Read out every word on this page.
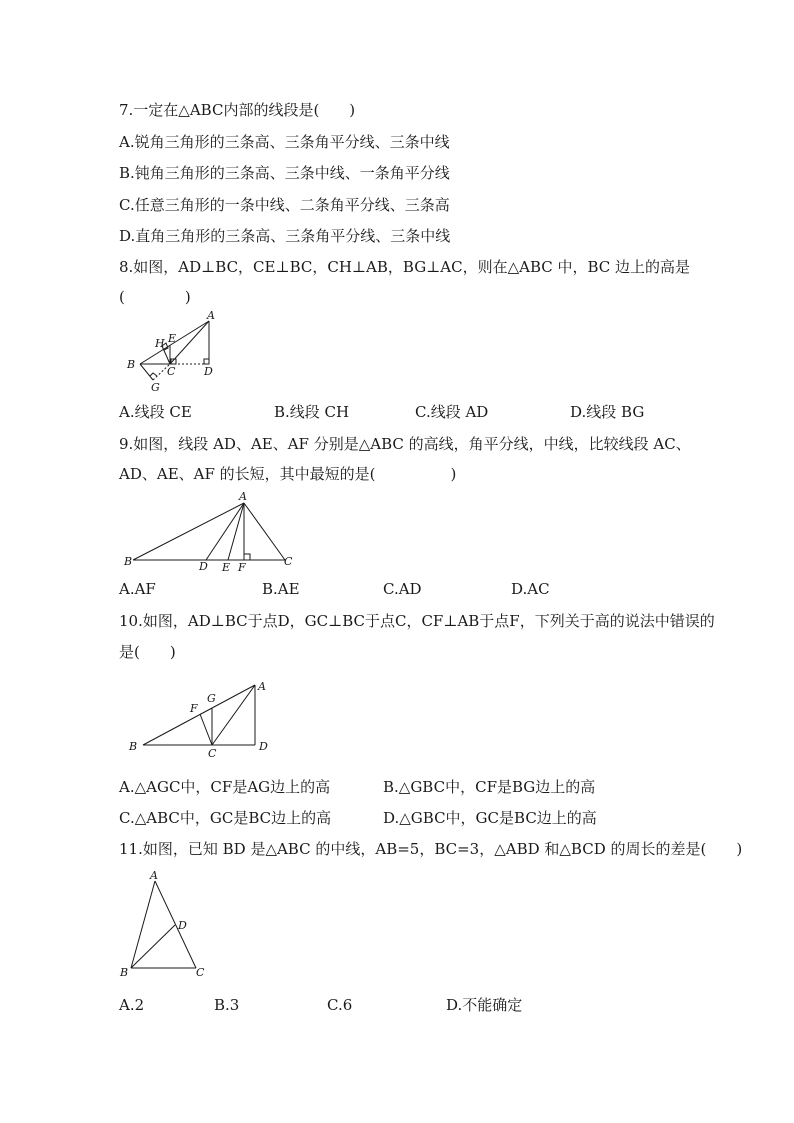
7.一定在△ABC内部的线段是(　　)
A.锐角三角形的三条高、三条角平分线、三条中线
B.钝角三角形的三条高、三条中线、一条角平分线
C.任意三角形的一条中线、二条角平分线、三条高
D.直角三角形的三条高、三条角平分线、三条中线
8.如图，AD⊥BC，CE⊥BC，CH⊥AB，BG⊥AC，则在△ABC 中，BC 边上的高是
(　　　　)
A
E
H
B
C	D
G
A.线段 CE	B.线段 CH	C.线段 AD	D.线段 BG
9.如图，线段 AD、AE、AF 分别是△ABC 的高线，角平分线，中线，比较线段 AC、
AD、AE、AF 的长短，其中最短的是(　　　　　)
A
B	D E F	C
A.AF	B.AE	C.AD	D.AC
10.如图，AD⊥BC于点D，GC⊥BC于点C，CF⊥AB于点F，下列关于高的说法中错误的
是(　　)
G
A
F
B
C
D
A.△AGC中，CF是AG边上的高	B.△GBC中，CF是BG边上的高
C.△ABC中，GC是BC边上的高	D.△GBC中，GC是BC边上的高
11.如图，已知 BD 是△ABC 的中线，AB=5，BC=3，△ABD 和△BCD 的周长的差是(　　)
A
D
B	C
A.2	B.3	C.6	D.不能确定
